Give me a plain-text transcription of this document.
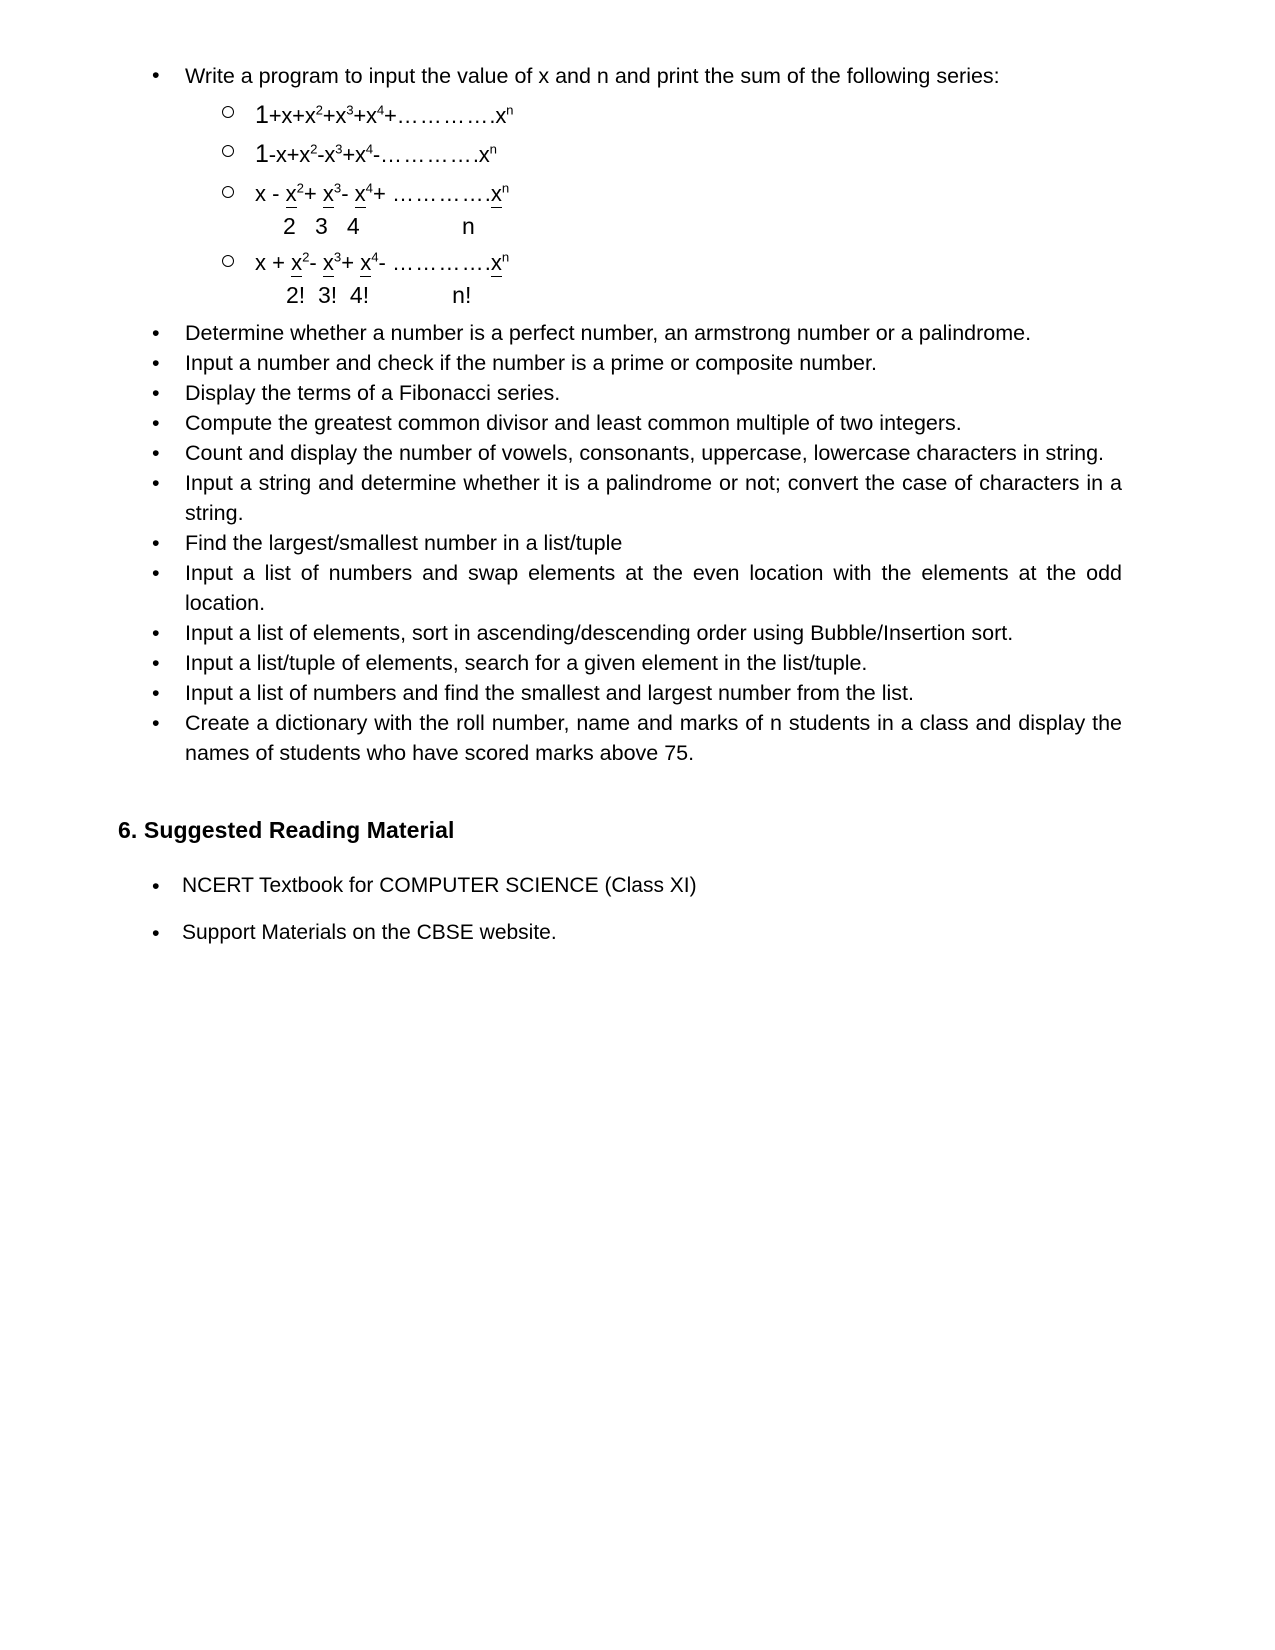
•	Write a program to input the value of x and n and print the sum of the following series:
$1+x+x^2+x^3+x^4+\dots\dots\dots\dots.x^n$
$1-x+x^2-x^3+x^4-\dots\dots\dots\dots.x^n$
$x - x^2+ x^3-$ $x^4+$ $\dots\dots\dots\dots.x^n$
2   3   4                n
$x + x^2-$ $x^3+ x^4-$ $\dots\dots\dots\dots.x^n$
2!  3!  4!             n!
•	Determine whether a number is a perfect number, an armstrong number or a palindrome.
•	Input a number and check if the number is a prime or composite number.
•	Display the terms of a Fibonacci series.
•	Compute the greatest common divisor and least common multiple of two integers.
•	Count and display the number of vowels, consonants, uppercase, lowercase characters in string.
•	Input a string and determine whether it is a palindrome or not; convert the case of characters in a string.
•	Find the largest/smallest number in a list/tuple
•	Input a list of numbers and swap elements at the even location with the elements at the odd location.
•	Input a list of elements, sort in ascending/descending order using Bubble/Insertion sort.
•	Input a list/tuple of elements, search for a given element in the list/tuple.
•	Input a list of numbers and find the smallest and largest number from the list.
•	Create a dictionary with the roll number, name and marks of n students in a class and display the names of students who have scored marks above 75.
6. Suggested Reading Material
• NCERT Textbook for COMPUTER SCIENCE (Class XI)
• Support Materials on the CBSE website.
